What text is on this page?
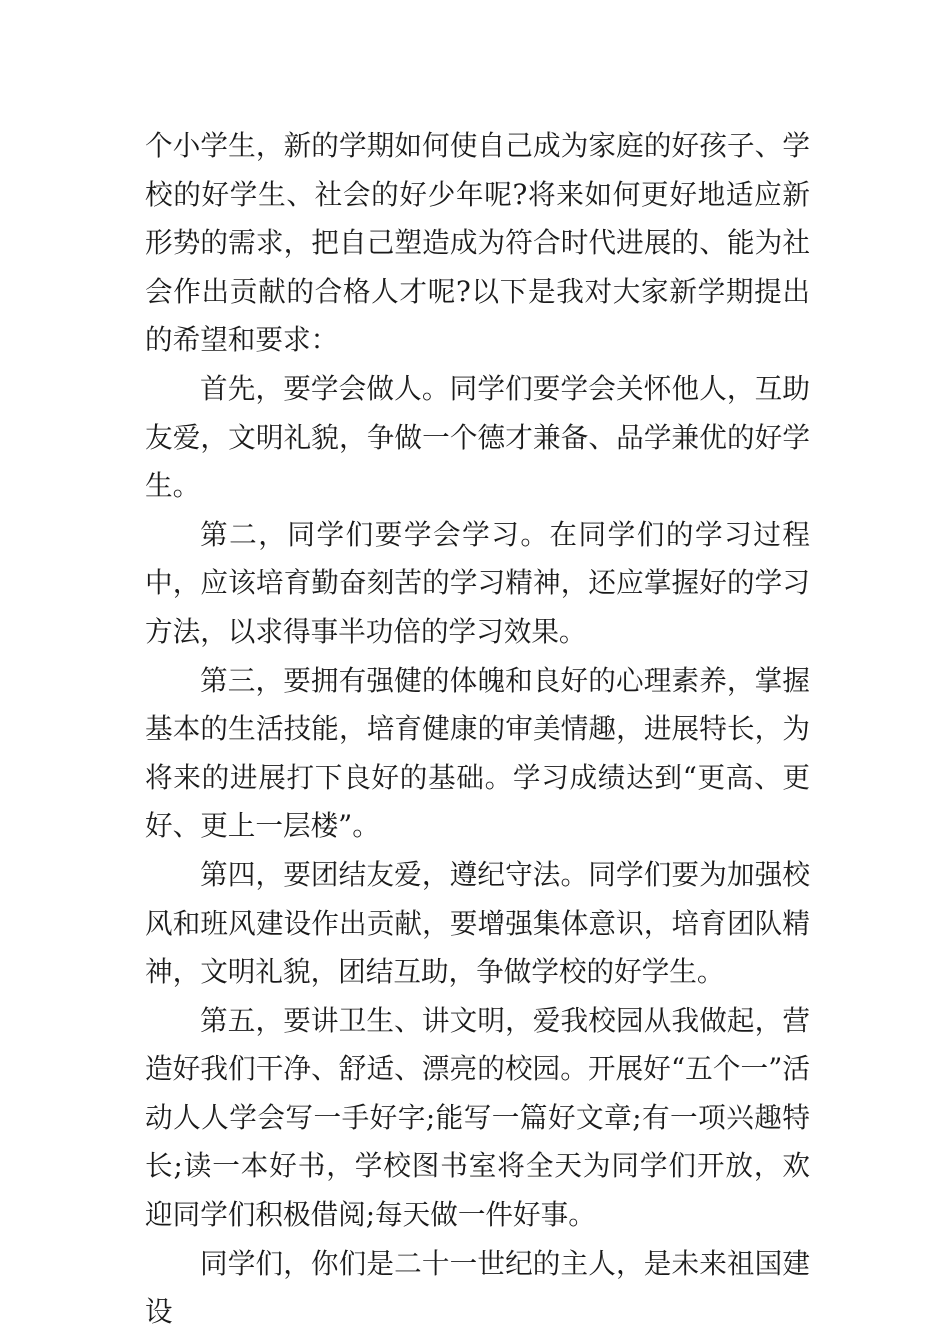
个小学生，新的学期如何使自己成为家庭的好孩子、学校的好学生、社会的好少年呢?将来如何更好地适应新形势的需求，把自己塑造成为符合时代进展的、能为社会作出贡献的合格人才呢?以下是我对大家新学期提出的希望和要求：

首先，要学会做人。同学们要学会关怀他人，互助友爱，文明礼貌，争做一个德才兼备、品学兼优的好学生。

第二，同学们要学会学习。在同学们的学习过程中，应该培育勤奋刻苦的学习精神，还应掌握好的学习方法，以求得事半功倍的学习效果。

第三，要拥有强健的体魄和良好的心理素养，掌握基本的生活技能，培育健康的审美情趣，进展特长，为将来的进展打下良好的基础。学习成绩达到“更高、更好、更上一层楼”。

第四，要团结友爱，遵纪守法。同学们要为加强校风和班风建设作出贡献，要增强集体意识，培育团队精神，文明礼貌，团结互助，争做学校的好学生。

第五，要讲卫生、讲文明，爱我校园从我做起，营造好我们干净、舒适、漂亮的校园。开展好“五个一”活动人人学会写一手好字;能写一篇好文章;有一项兴趣特长;读一本好书，学校图书室将全天为同学们开放，欢迎同学们积极借阅;每天做一件好事。

同学们，你们是二十一世纪的主人，是未来祖国建设
